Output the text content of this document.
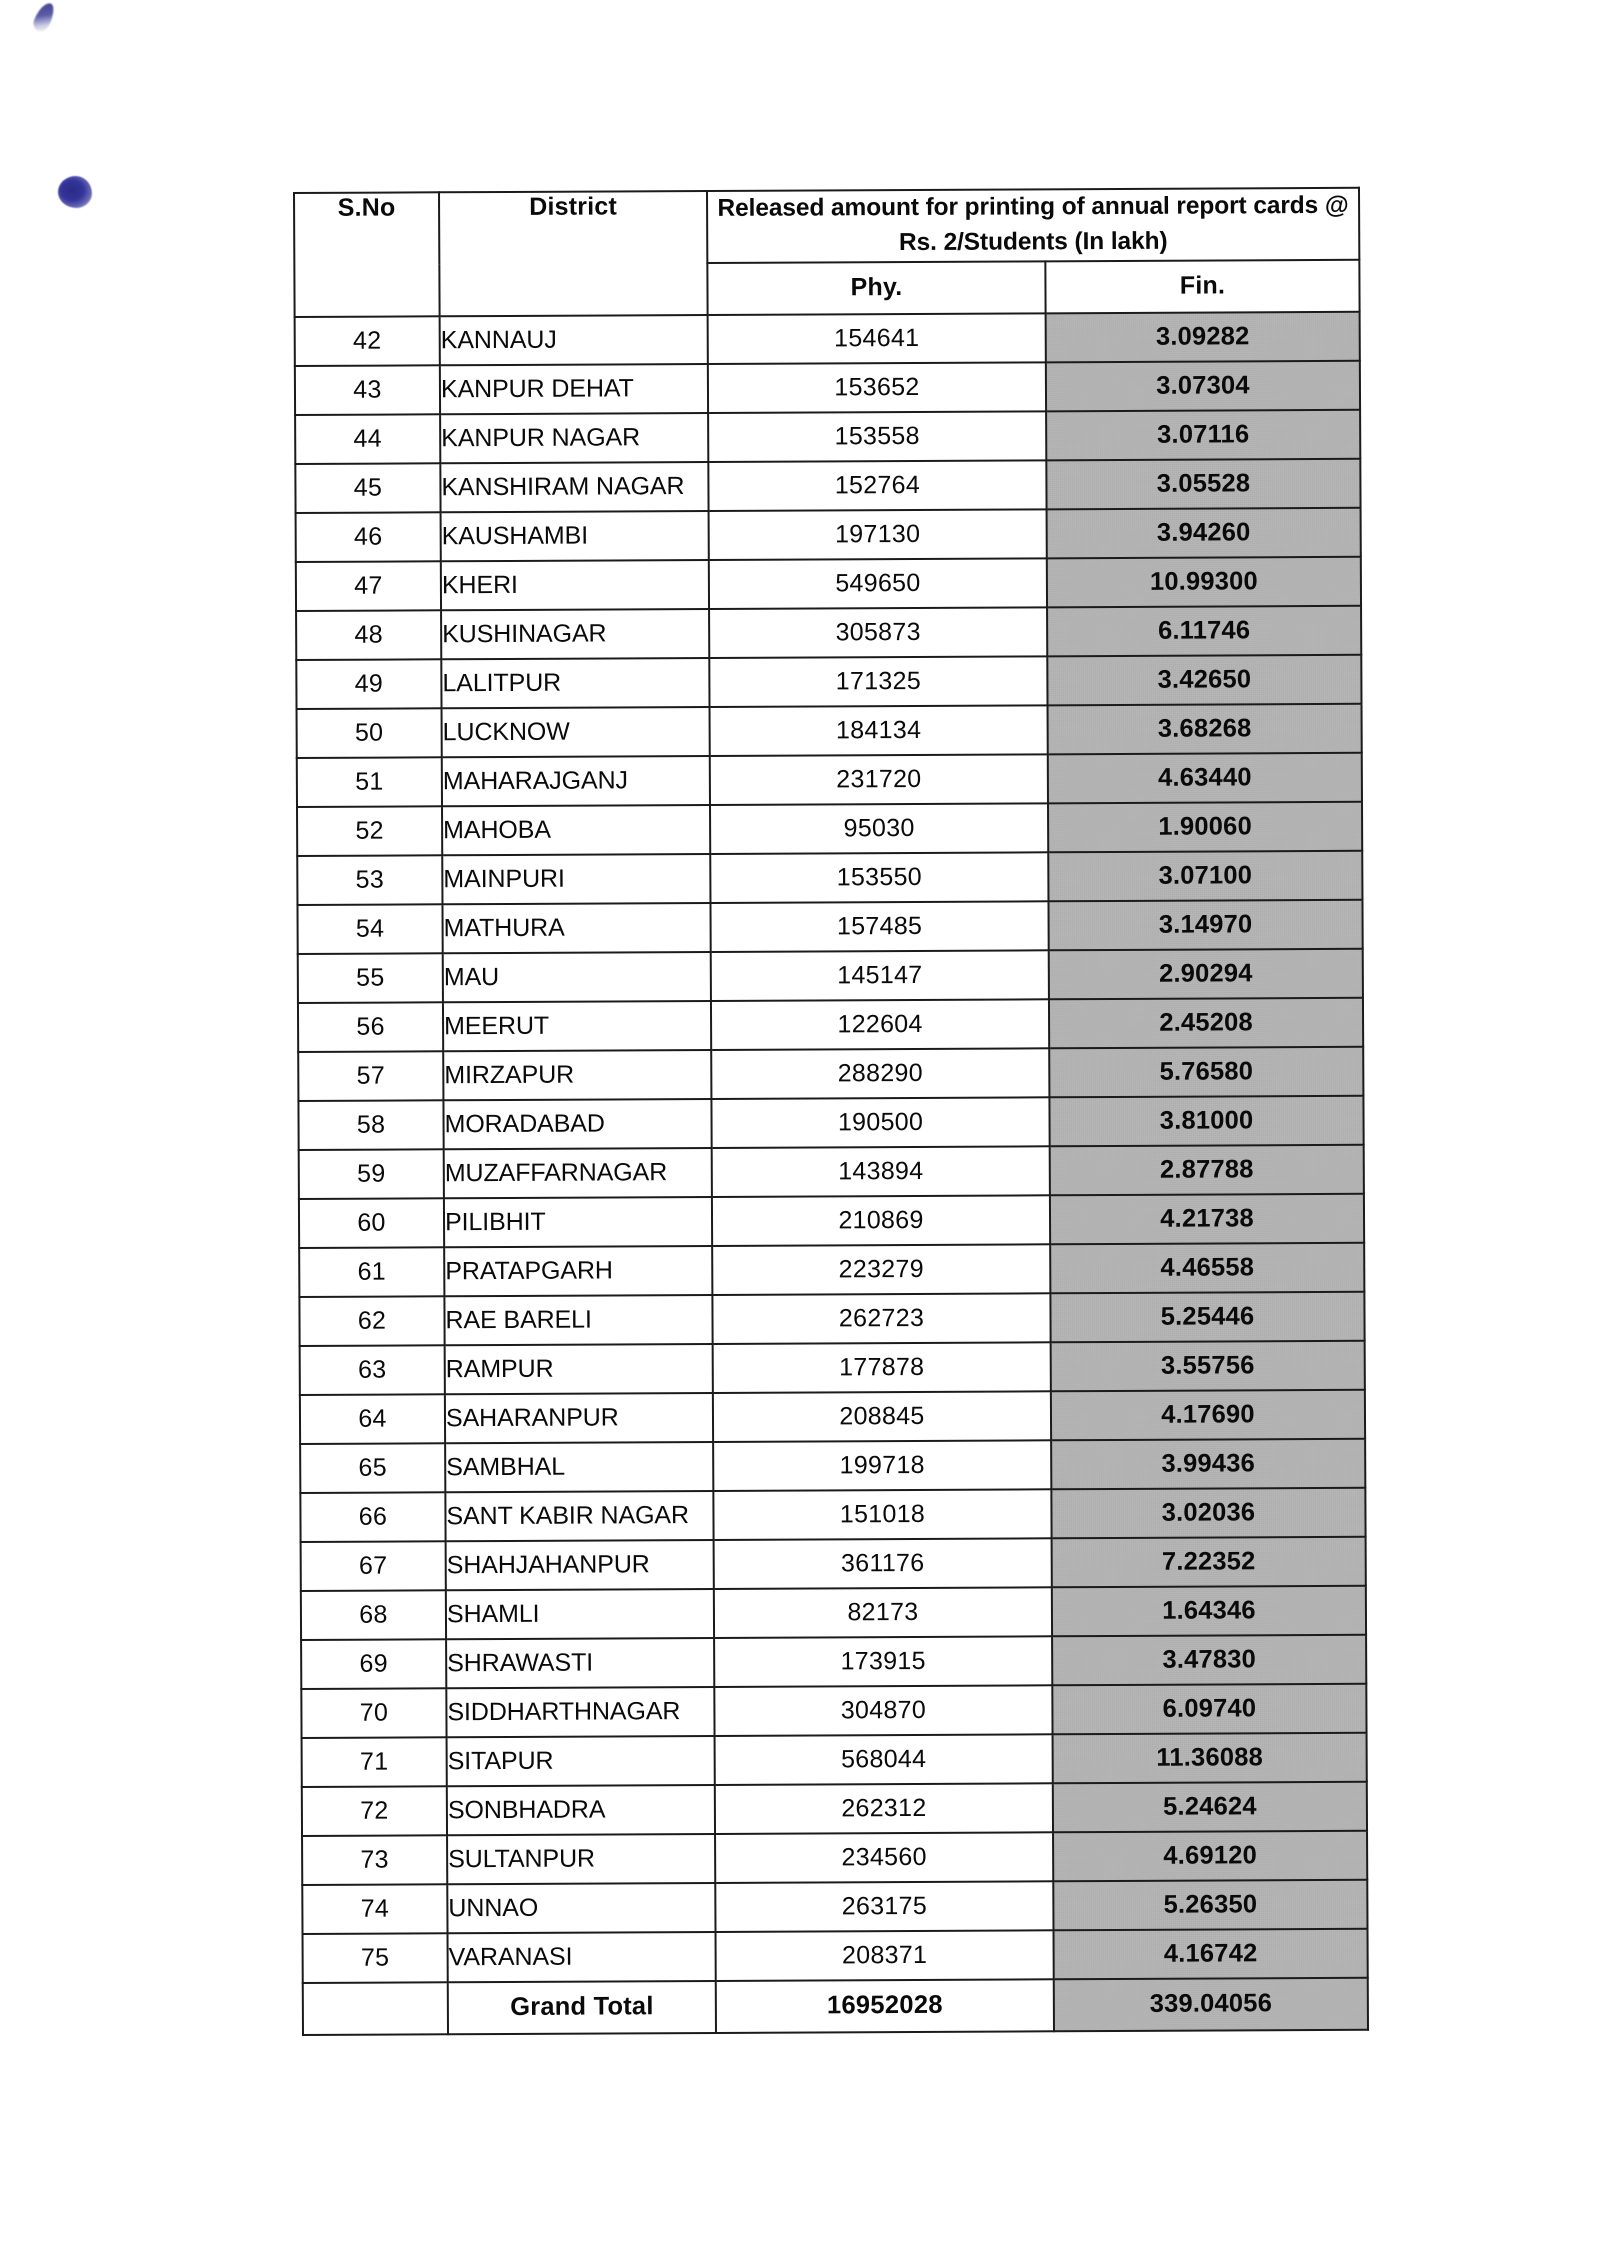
S.No	District	Released amount for printing of annual report cards @ Rs. 2/Students (In lakh)	
		Phy.	Fin.
42	KANNAUJ	154641	3.09282
43	KANPUR DEHAT	153652	3.07304
44	KANPUR NAGAR	153558	3.07116
45	KANSHIRAM NAGAR	152764	3.05528
46	KAUSHAMBI	197130	3.94260
47	KHERI	549650	10.99300
48	KUSHINAGAR	305873	6.11746
49	LALITPUR	171325	3.42650
50	LUCKNOW	184134	3.68268
51	MAHARAJGANJ	231720	4.63440
52	MAHOBA	95030	1.90060
53	MAINPURI	153550	3.07100
54	MATHURA	157485	3.14970
55	MAU	145147	2.90294
56	MEERUT	122604	2.45208
57	MIRZAPUR	288290	5.76580
58	MORADABAD	190500	3.81000
59	MUZAFFARNAGAR	143894	2.87788
60	PILIBHIT	210869	4.21738
61	PRATAPGARH	223279	4.46558
62	RAE BARELI	262723	5.25446
63	RAMPUR	177878	3.55756
64	SAHARANPUR	208845	4.17690
65	SAMBHAL	199718	3.99436
66	SANT KABIR NAGAR	151018	3.02036
67	SHAHJAHANPUR	361176	7.22352
68	SHAMLI	82173	1.64346
69	SHRAWASTI	173915	3.47830
70	SIDDHARTHNAGAR	304870	6.09740
71	SITAPUR	568044	11.36088
72	SONBHADRA	262312	5.24624
73	SULTANPUR	234560	4.69120
74	UNNAO	263175	5.26350
75	VARANASI	208371	4.16742
	Grand Total	16952028	339.04056
